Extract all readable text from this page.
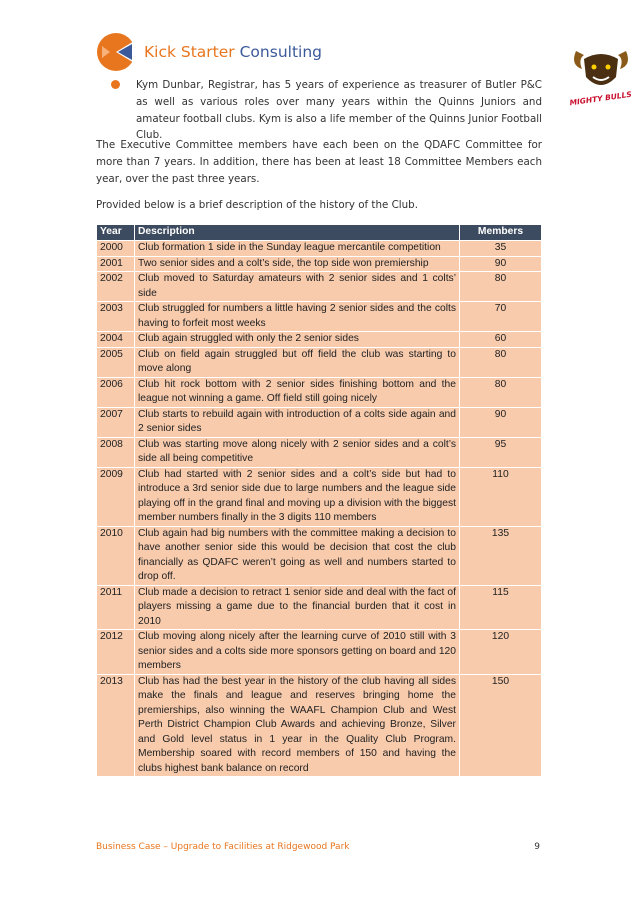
Kick Starter Consulting
MIGHTY BULLS
Kym Dunbar, Registrar, has 5 years of experience as treasurer of Butler P&C as well as various roles over many years within the Quinns Juniors and amateur football clubs. Kym is also a life member of the Quinns Junior Football Club.
The Executive Committee members have each been on the QDAFC Committee for more than 7 years. In addition, there has been at least 18 Committee Members each year, over the past three years.
Provided below is a brief description of the history of the Club.
Year	Description	Members
2000	Club formation 1 side in the Sunday league mercantile competition	35
2001	Two senior sides and a colt’s side, the top side won premiership	90
2002	Club moved to Saturday amateurs with 2 senior sides and 1 colts’ side	80
2003	Club struggled for numbers a little having 2 senior sides and the colts having to forfeit most weeks	70
2004	Club again struggled with only the 2 senior sides	60
2005	Club on field again struggled but off field the club was starting to move along	80
2006	Club hit rock bottom with 2 senior sides finishing bottom and the league not winning a game. Off field still going nicely	80
2007	Club starts to rebuild again with introduction of a colts side again and 2 senior sides	90
2008	Club was starting move along nicely with 2 senior sides and a colt’s side all being competitive	95
2009	Club had started with 2 senior sides and a colt’s side but had to introduce a 3rd senior side due to large numbers and the league side playing off in the grand final and moving up a division with the biggest member numbers finally in the 3 digits 110 members	110
2010	Club again had big numbers with the committee making a decision to have another senior side this would be decision that cost the club financially as QDAFC weren’t going as well and numbers started to drop off.	135
2011	Club made a decision to retract 1 senior side and deal with the fact of players missing a game due to the financial burden that it cost in 2010	115
2012	Club moving along nicely after the learning curve of 2010 still with 3 senior sides and a colts side more sponsors getting on board and 120 members	120
2013	Club has had the best year in the history of the club having all sides make the finals and league and reserves bringing home the premierships, also winning the WAAFL Champion Club and West Perth District Champion Club Awards and achieving Bronze, Silver and Gold level status in 1 year in the Quality Club Program. Membership soared with record members of 150 and having the clubs highest bank balance on record	150
Business Case – Upgrade to Facilities at Ridgewood Park	9
